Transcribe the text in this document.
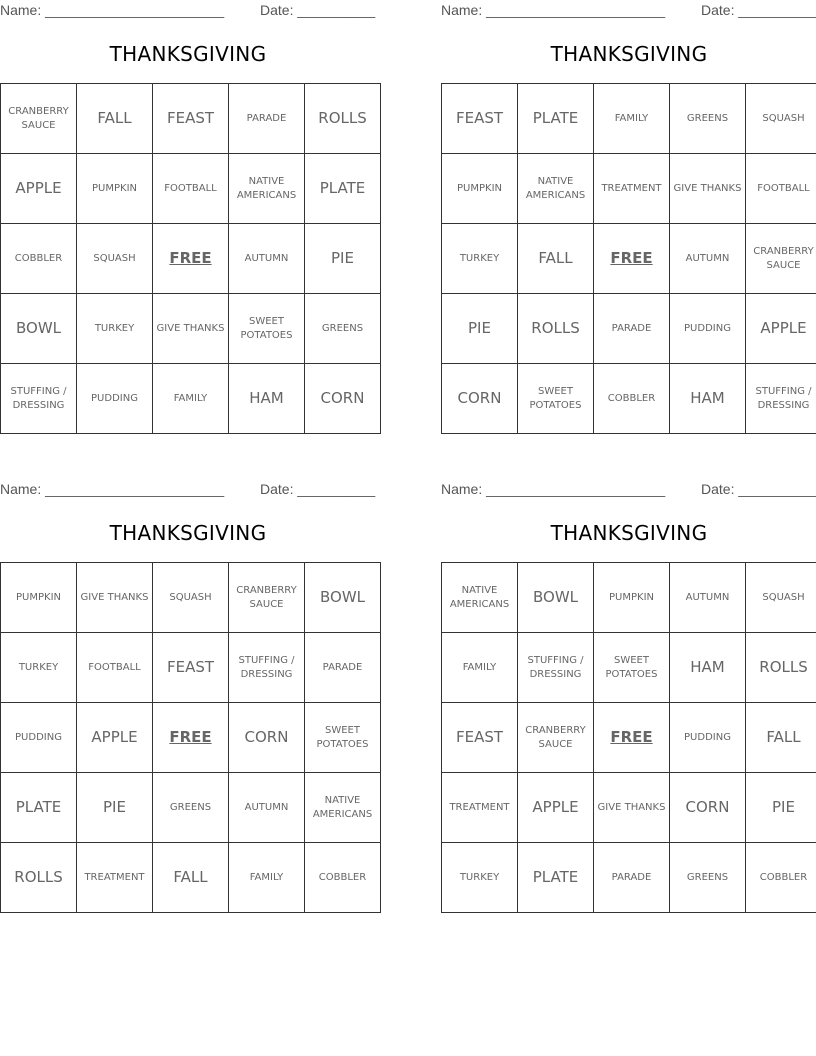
Name: _______________________	Date: __________
THANKSGIVING
CRANBERRY SAUCE	FALL	FEAST	PARADE	ROLLS
APPLE	PUMPKIN	FOOTBALL	NATIVE AMERICANS	PLATE
COBBLER	SQUASH	FREE	AUTUMN	PIE
BOWL	TURKEY	GIVE THANKS	SWEET POTATOES	GREENS
STUFFING / DRESSING	PUDDING	FAMILY	HAM	CORN
Name: _______________________	Date: __________
THANKSGIVING
FEAST	PLATE	FAMILY	GREENS	SQUASH
PUMPKIN	NATIVE AMERICANS	TREATMENT	GIVE THANKS	FOOTBALL
TURKEY	FALL	FREE	AUTUMN	CRANBERRY SAUCE
PIE	ROLLS	PARADE	PUDDING	APPLE
CORN	SWEET POTATOES	COBBLER	HAM	STUFFING / DRESSING
Name: _______________________	Date: __________
THANKSGIVING
PUMPKIN	GIVE THANKS	SQUASH	CRANBERRY SAUCE	BOWL
TURKEY	FOOTBALL	FEAST	STUFFING / DRESSING	PARADE
PUDDING	APPLE	FREE	CORN	SWEET POTATOES
PLATE	PIE	GREENS	AUTUMN	NATIVE AMERICANS
ROLLS	TREATMENT	FALL	FAMILY	COBBLER
Name: _______________________	Date: __________
THANKSGIVING
NATIVE AMERICANS	BOWL	PUMPKIN	AUTUMN	SQUASH
FAMILY	STUFFING / DRESSING	SWEET POTATOES	HAM	ROLLS
FEAST	CRANBERRY SAUCE	FREE	PUDDING	FALL
TREATMENT	APPLE	GIVE THANKS	CORN	PIE
TURKEY	PLATE	PARADE	GREENS	COBBLER
